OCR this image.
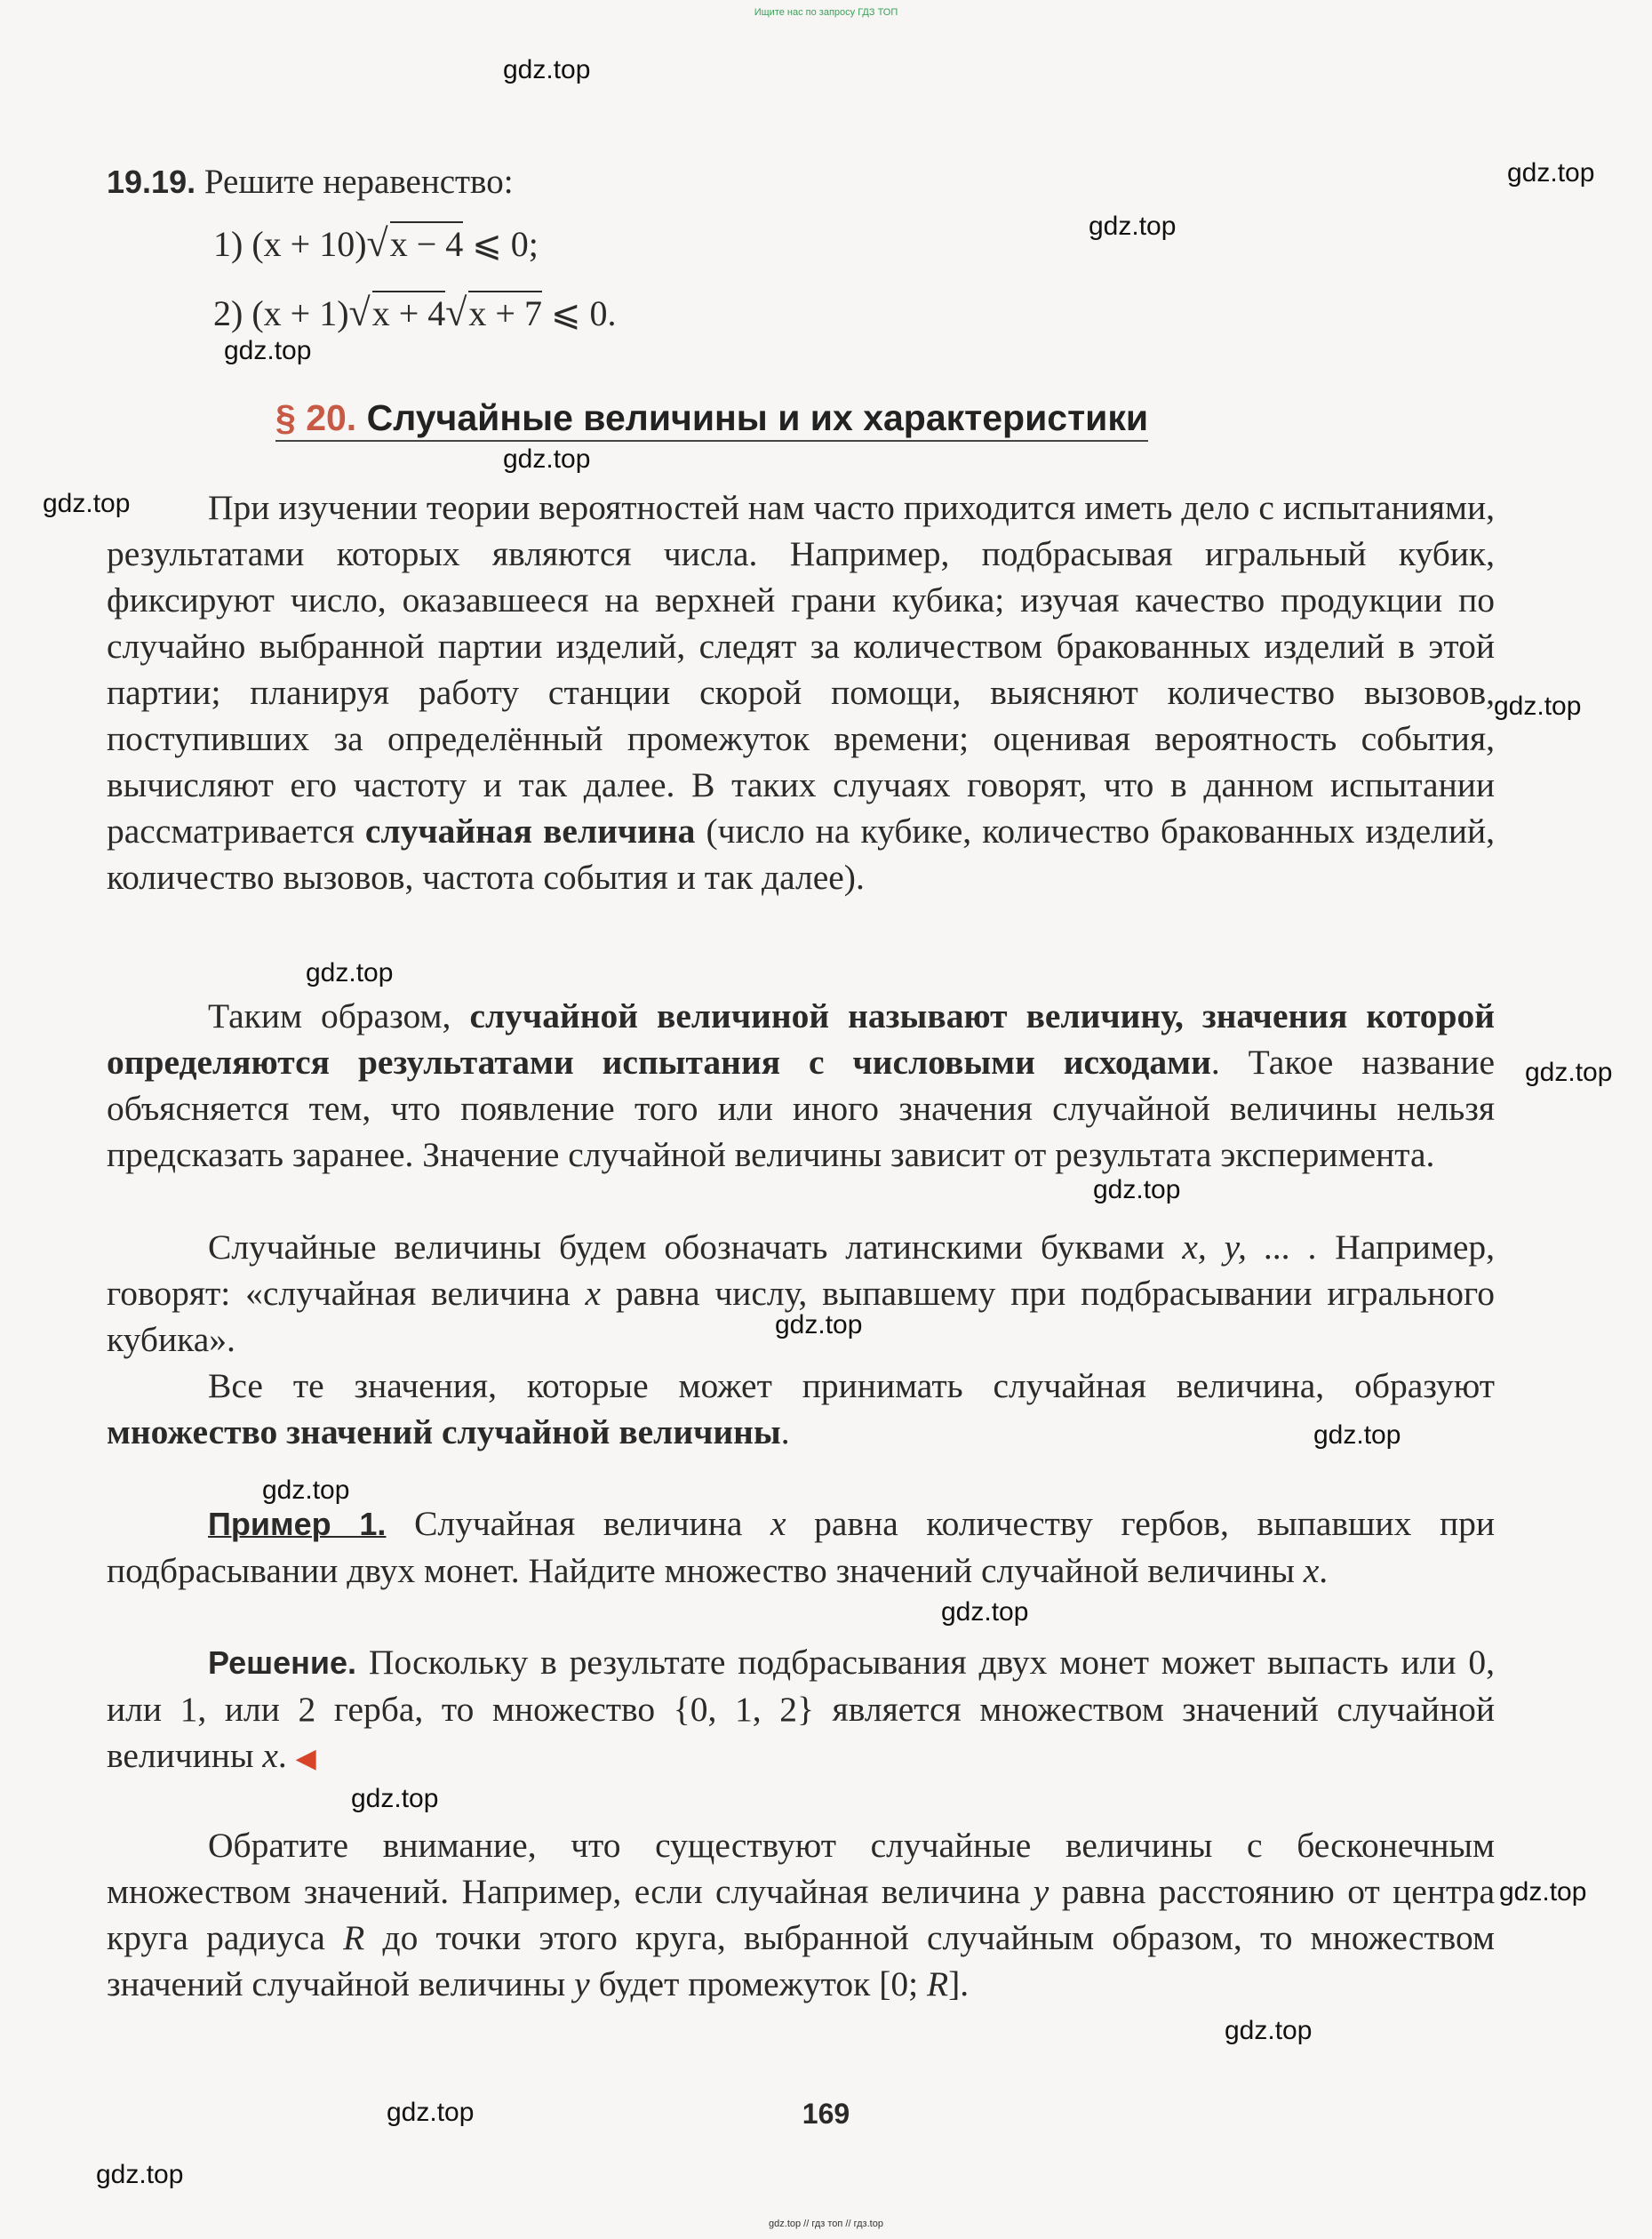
Ищите нас по запросу ГДЗ ТОП
19.19. Решите неравенство:
1) (x + 10)√x − 4 ⩽ 0;
2) (x + 1)√x + 4√x + 7 ⩽ 0.
§ 20. Случайные величины и их характеристики

При изучении теории вероятностей нам часто приходится иметь дело с испытаниями, результатами которых являются числа. Например, подбрасывая игральный кубик, фиксируют число, оказавшееся на верхней грани кубика; изучая качество продукции по случайно выбранной партии изделий, следят за количеством бракованных изделий в этой партии; планируя работу станции скорой помощи, выясняют количество вызовов, поступивших за определённый промежуток времени; оценивая вероятность события, вычисляют его частоту и так далее. В таких случаях говорят, что в данном испытании рассматривается случайная величина (число на кубике, количество бракованных изделий, количество вызовов, частота события и так далее).

Таким образом, случайной величиной называют величину, значения которой определяются результатами испытания с числовыми исходами. Такое название объясняется тем, что появление того или иного значения случайной величины нельзя предсказать заранее. Значение случайной величины зависит от результата эксперимента.

Случайные величины будем обозначать латинскими буквами x, y, ... . Например, говорят: «случайная величина x равна числу, выпавшему при подбрасывании игрального кубика».

Все те значения, которые может принимать случайная величина, образуют множество значений случайной величины.

Пример 1. Случайная величина x равна количеству гербов, выпавших при подбрасывании двух монет. Найдите множество значений случайной величины x.

Решение. Поскольку в результате подбрасывания двух монет может выпасть или 0, или 1, или 2 герба, то множество {0, 1, 2} является множеством значений случайной величины x. ◀

Обратите внимание, что существуют случайные величины с бесконечным множеством значений. Например, если случайная величина y равна расстоянию от центра круга радиуса R до точки этого круга, выбранной случайным образом, то множеством значений случайной величины y будет промежуток [0; R].

169
gdz.top
gdz.top
gdz.top
gdz.top
gdz.top
gdz.top
gdz.top
gdz.top
gdz.top
gdz.top
gdz.top
gdz.top
gdz.top
gdz.top
gdz.top
gdz.top
gdz.top
gdz.top
gdz.top
gdz.top // гдз топ // гдз.top
